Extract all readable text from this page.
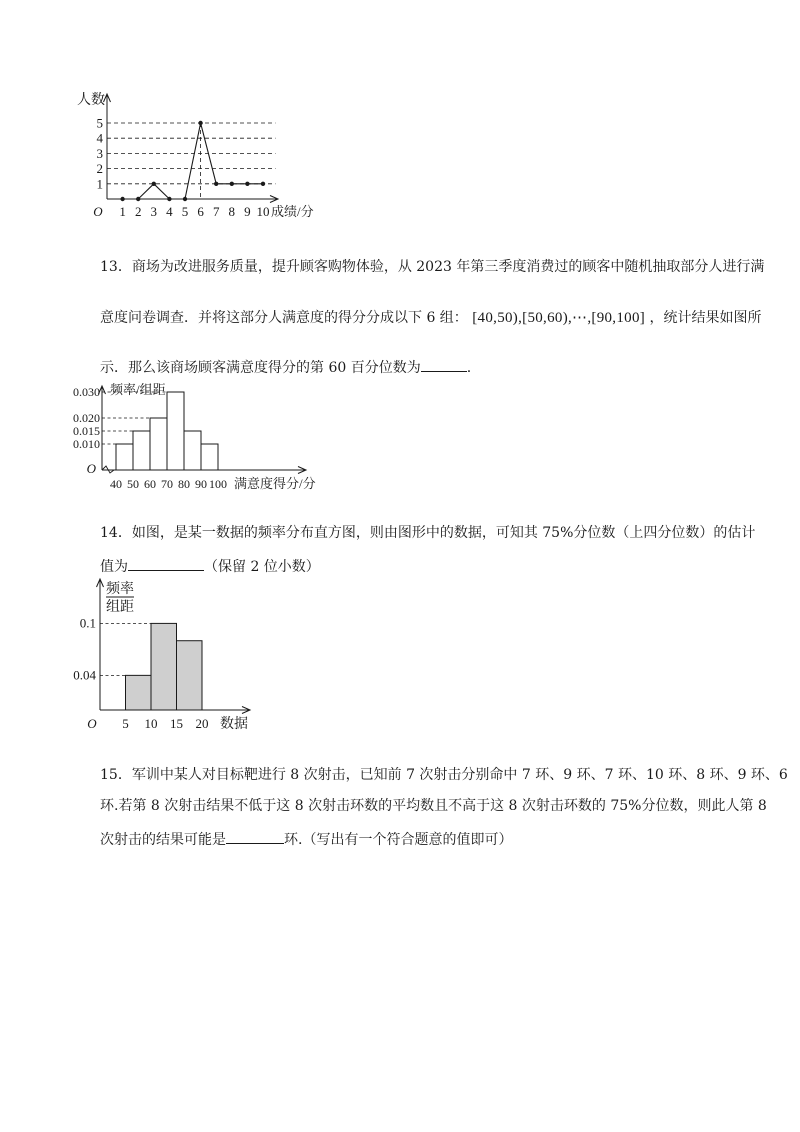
1
2
3
4
5
人数
成绩/分
O 1 2 3 4 5 6 7 8 9 10
13．商场为改进服务质量，提升顾客购物体验，从 2023 年第三季度消费过的顾客中随机抽取部分人进行满
意度问卷调查．并将这部分人满意度的得分分成以下 6 组： [40,50),[50,60),⋯,[90,100] ，统计结果如图所
示．那么该商场顾客满意度得分的第 60 百分位数为	.
0.010
0.015
0.020
0.030 频率/组距
满意度得分/分
O
40 50 60 70 80 90 100
14．如图，是某一数据的频率分布直方图，则由图形中的数据，可知其 75%分位数（上四分位数）的估计
值为	（保留 2 位小数）
0.04
0.1
频率
组距
数据
O 5 10 15 20
15．军训中某人对目标靶进行 8 次射击，已知前 7 次射击分别命中 7 环、9 环、7 环、10 环、8 环、9 环、6
环.若第 8 次射击结果不低于这 8 次射击环数的平均数且不高于这 8 次射击环数的 75%分位数，则此人第 8
次射击的结果可能是	环.（写出有一个符合题意的值即可）
